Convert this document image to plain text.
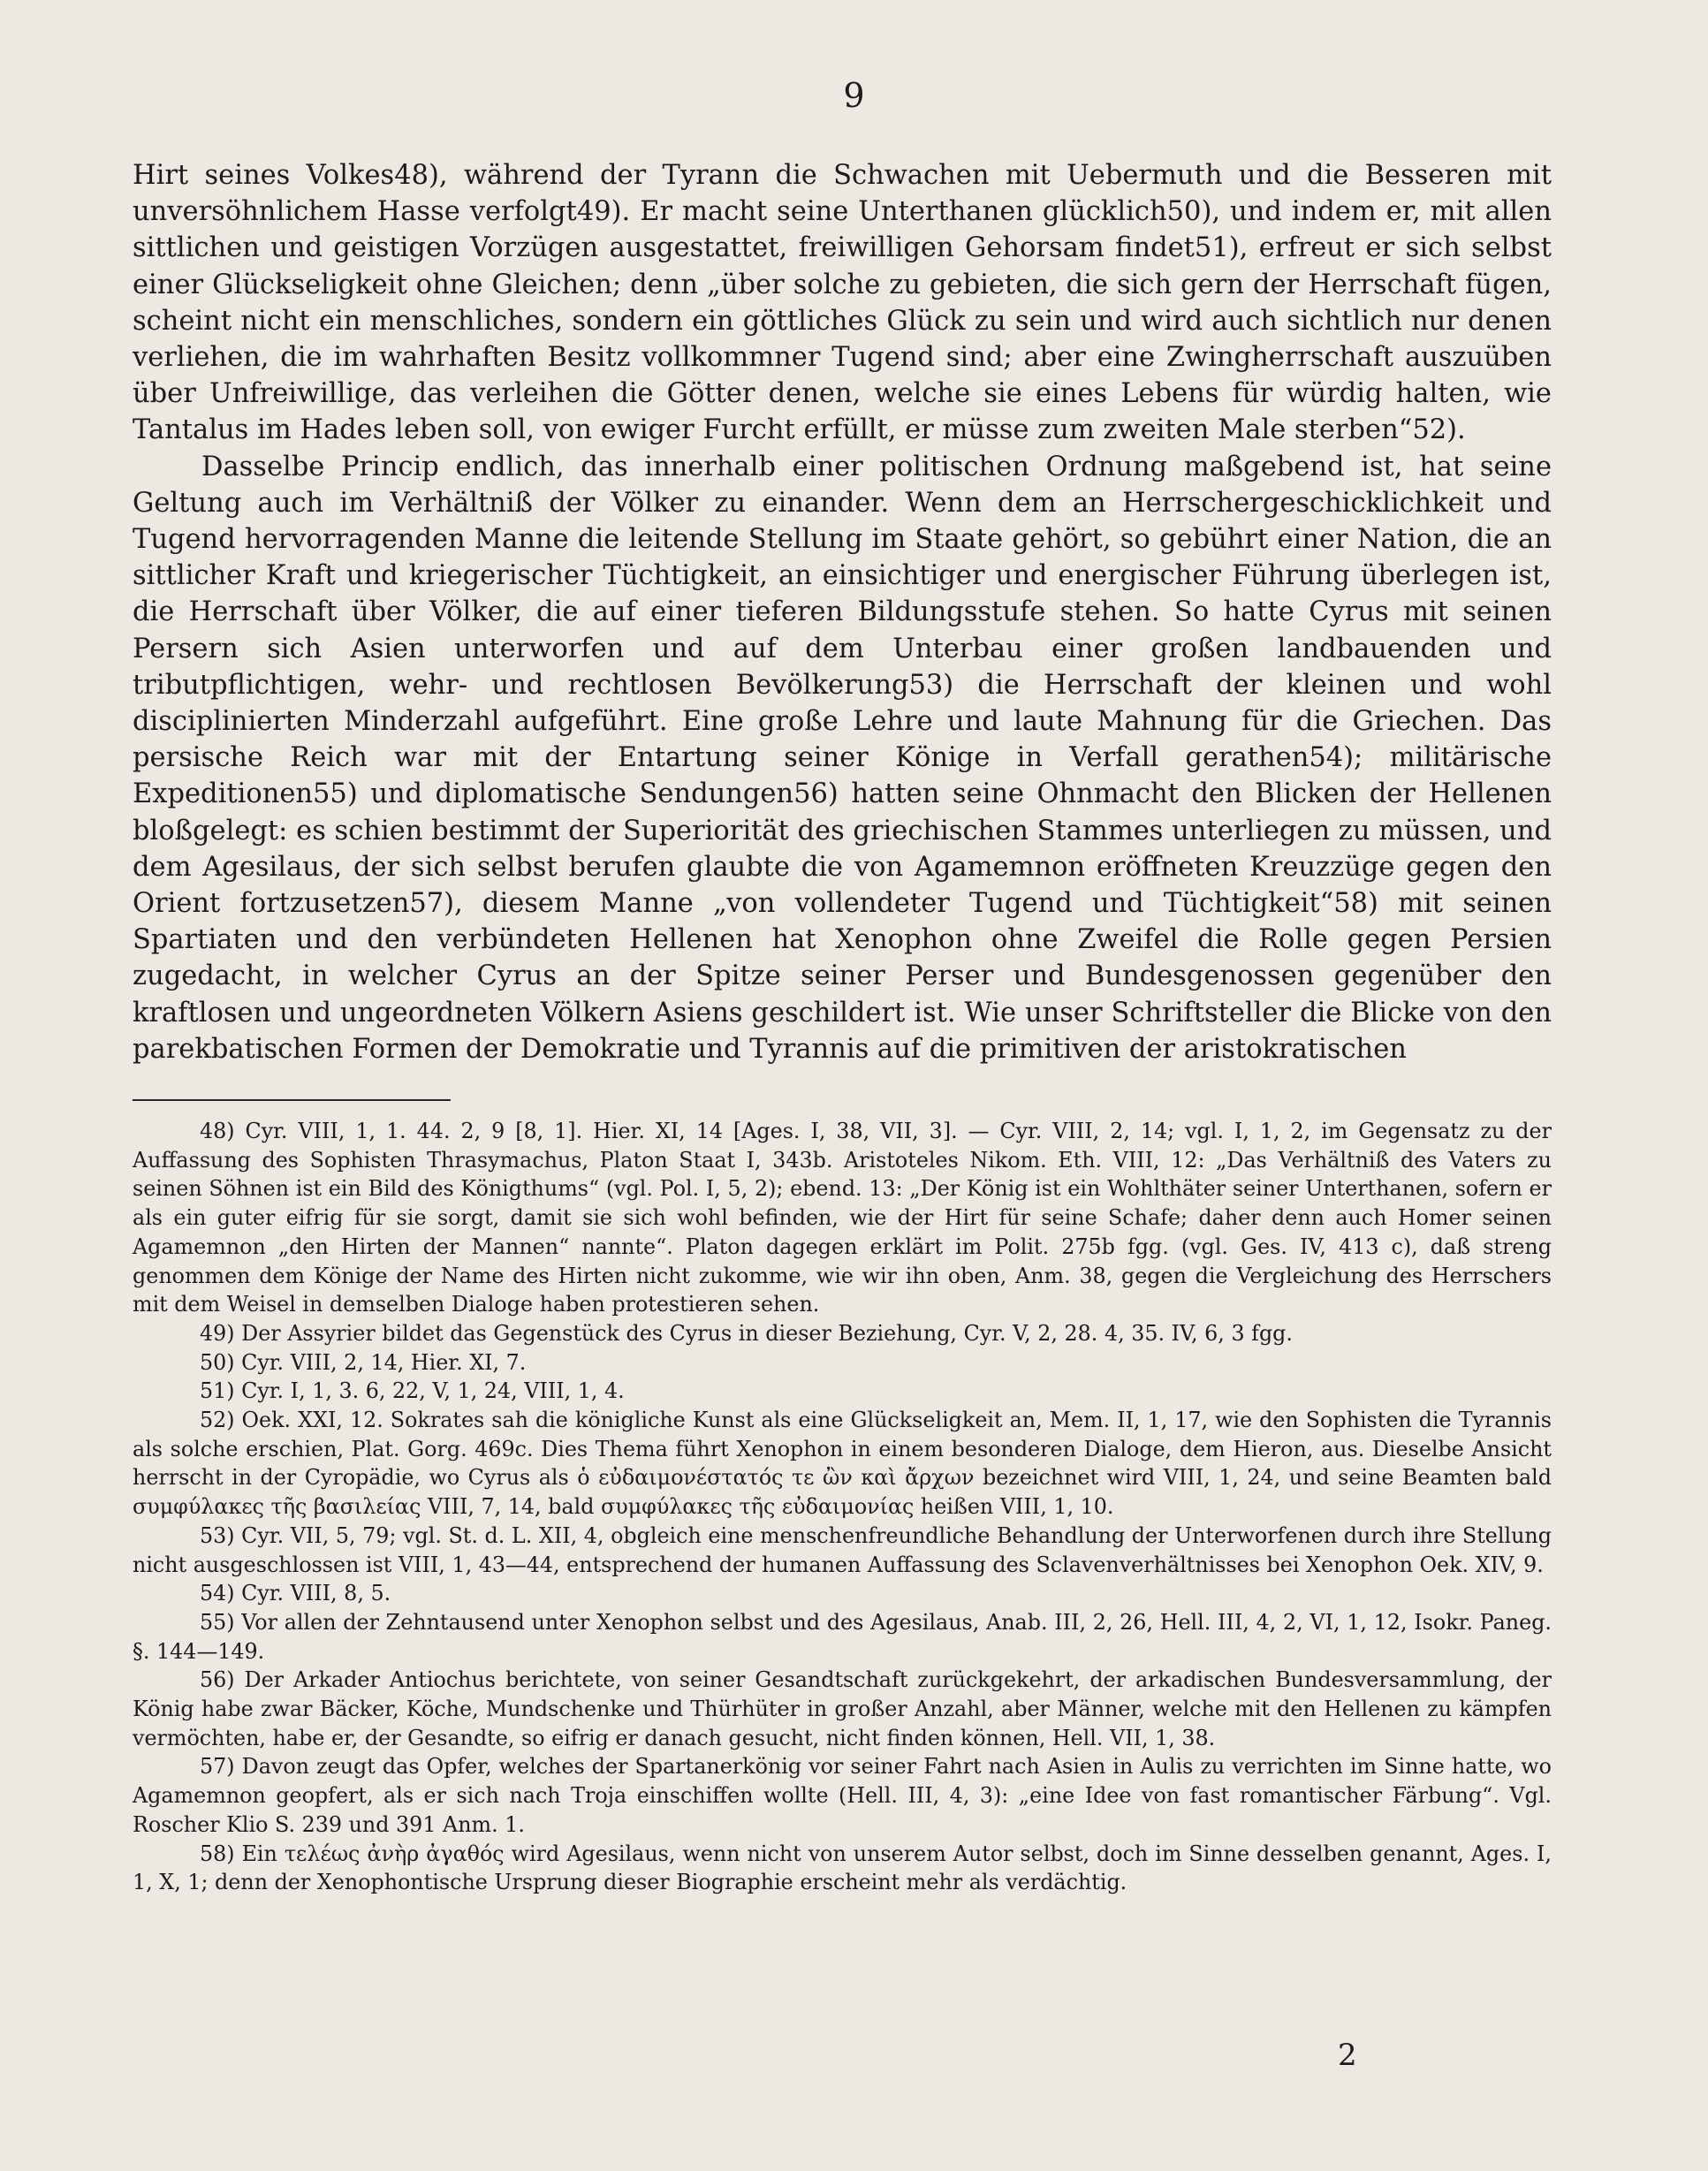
9

Hirt seines Volkes48), während der Tyrann die Schwachen mit Uebermuth und die Besseren mit unversöhnlichem Hasse verfolgt49). Er macht seine Unterthanen glücklich50), und indem er, mit allen sittlichen und geistigen Vorzügen ausgestattet, freiwilligen Gehorsam findet51), erfreut er sich selbst einer Glückseligkeit ohne Gleichen; denn „über solche zu gebieten, die sich gern der Herrschaft fügen, scheint nicht ein menschliches, sondern ein göttliches Glück zu sein und wird auch sichtlich nur denen verliehen, die im wahrhaften Besitz vollkommner Tugend sind; aber eine Zwingherrschaft auszuüben über Unfreiwillige, das verleihen die Götter denen, welche sie eines Lebens für würdig halten, wie Tantalus im Hades leben soll, von ewiger Furcht erfüllt, er müsse zum zweiten Male sterben“52).

Dasselbe Princip endlich, das innerhalb einer politischen Ordnung maßgebend ist, hat seine Geltung auch im Verhältniß der Völker zu einander. Wenn dem an Herrschergeschicklichkeit und Tugend hervorragenden Manne die leitende Stellung im Staate gehört, so gebührt einer Nation, die an sittlicher Kraft und kriegerischer Tüchtigkeit, an einsichtiger und energischer Führung überlegen ist, die Herrschaft über Völker, die auf einer tieferen Bildungsstufe stehen. So hatte Cyrus mit seinen Persern sich Asien unterworfen und auf dem Unterbau einer großen landbauenden und tributpflichtigen, wehr- und rechtlosen Bevölkerung53) die Herrschaft der kleinen und wohl disciplinierten Minderzahl aufgeführt. Eine große Lehre und laute Mahnung für die Griechen. Das persische Reich war mit der Entartung seiner Könige in Verfall gerathen54); militärische Expeditionen55) und diplomatische Sendungen56) hatten seine Ohnmacht den Blicken der Hellenen bloßgelegt: es schien bestimmt der Superiorität des griechischen Stammes unterliegen zu müssen, und dem Agesilaus, der sich selbst berufen glaubte die von Agamemnon eröffneten Kreuzzüge gegen den Orient fortzusetzen57), diesem Manne „von vollendeter Tugend und Tüchtigkeit“58) mit seinen Spartiaten und den verbündeten Hellenen hat Xenophon ohne Zweifel die Rolle gegen Persien zugedacht, in welcher Cyrus an der Spitze seiner Perser und Bundesgenossen gegenüber den kraftlosen und ungeordneten Völkern Asiens geschildert ist. Wie unser Schriftsteller die Blicke von den parekbatischen Formen der Demokratie und Tyrannis auf die primitiven der aristokratischen

48) Cyr. VIII, 1, 1. 44. 2, 9 [8, 1]. Hier. XI, 14 [Ages. I, 38, VII, 3]. — Cyr. VIII, 2, 14; vgl. I, 1, 2, im Gegensatz zu der Auffassung des Sophisten Thrasymachus, Platon Staat I, 343b. Aristoteles Nikom. Eth. VIII, 12: „Das Verhältniß des Vaters zu seinen Söhnen ist ein Bild des Königthums“ (vgl. Pol. I, 5, 2); ebend. 13: „Der König ist ein Wohlthäter seiner Unterthanen, sofern er als ein guter eifrig für sie sorgt, damit sie sich wohl befinden, wie der Hirt für seine Schafe; daher denn auch Homer seinen Agamemnon „den Hirten der Mannen“ nannte“. Platon dagegen erklärt im Polit. 275b fgg. (vgl. Ges. IV, 413 c), daß streng genommen dem Könige der Name des Hirten nicht zukomme, wie wir ihn oben, Anm. 38, gegen die Vergleichung des Herrschers mit dem Weisel in demselben Dialoge haben protestieren sehen.

49) Der Assyrier bildet das Gegenstück des Cyrus in dieser Beziehung, Cyr. V, 2, 28. 4, 35. IV, 6, 3 fgg.

50) Cyr. VIII, 2, 14, Hier. XI, 7.

51) Cyr. I, 1, 3. 6, 22, V, 1, 24, VIII, 1, 4.

52) Oek. XXI, 12. Sokrates sah die königliche Kunst als eine Glückseligkeit an, Mem. II, 1, 17, wie den Sophisten die Tyrannis als solche erschien, Plat. Gorg. 469c. Dies Thema führt Xenophon in einem besonderen Dialoge, dem Hieron, aus. Dieselbe Ansicht herrscht in der Cyropädie, wo Cyrus als ὁ εὐδαιμονέστατός τε ὢν καὶ ἄρχων bezeichnet wird VIII, 1, 24, und seine Beamten bald συμφύλακες τῆς βασιλείας VIII, 7, 14, bald συμφύλακες τῆς εὐδαιμονίας heißen VIII, 1, 10.

53) Cyr. VII, 5, 79; vgl. St. d. L. XII, 4, obgleich eine menschenfreundliche Behandlung der Unterworfenen durch ihre Stellung nicht ausgeschlossen ist VIII, 1, 43—44, entsprechend der humanen Auffassung des Sclavenverhältnisses bei Xenophon Oek. XIV, 9.

54) Cyr. VIII, 8, 5.

55) Vor allen der Zehntausend unter Xenophon selbst und des Agesilaus, Anab. III, 2, 26, Hell. III, 4, 2, VI, 1, 12, Isokr. Paneg. §. 144—149.

56) Der Arkader Antiochus berichtete, von seiner Gesandtschaft zurückgekehrt, der arkadischen Bundesversammlung, der König habe zwar Bäcker, Köche, Mundschenke und Thürhüter in großer Anzahl, aber Männer, welche mit den Hellenen zu kämpfen vermöchten, habe er, der Gesandte, so eifrig er danach gesucht, nicht finden können, Hell. VII, 1, 38.

57) Davon zeugt das Opfer, welches der Spartanerkönig vor seiner Fahrt nach Asien in Aulis zu verrichten im Sinne hatte, wo Agamemnon geopfert, als er sich nach Troja einschiffen wollte (Hell. III, 4, 3): „eine Idee von fast romantischer Färbung“. Vgl. Roscher Klio S. 239 und 391 Anm. 1.

58) Ein τελέως ἀνὴρ ἀγαθός wird Agesilaus, wenn nicht von unserem Autor selbst, doch im Sinne desselben genannt, Ages. I, 1, X, 1; denn der Xenophontische Ursprung dieser Biographie erscheint mehr als verdächtig.

2
